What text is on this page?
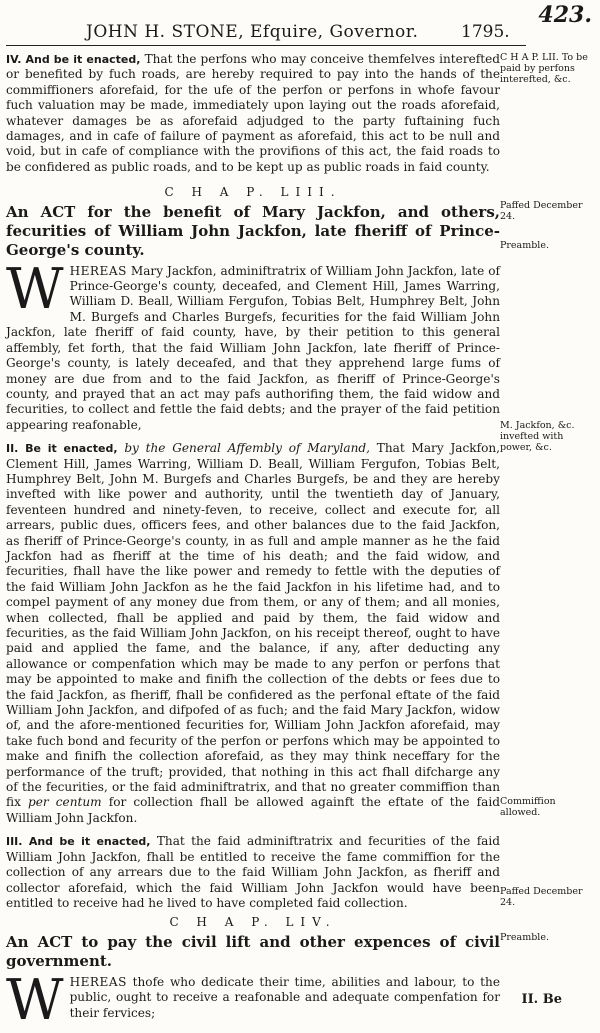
JOHN H. STONE, Efquire, Governor.	1795.
423.

IV. And be it enacted, That the perfons who may conceive themfelves interefted or benefited by fuch roads, are hereby required to pay into the hands of the commiffioners aforefaid, for the ufe of the perfon or perfons in whofe favour fuch valuation may be made, immediately upon laying out the roads aforefaid, whatever damages be as aforefaid adjudged to the party fuftaining fuch damages, and in cafe of failure of payment as aforefaid, this act to be null and void, but in cafe of compliance with the provifions of this act, the faid roads to be confidered as public roads, and to be kept up as public roads in faid county.

C H A P. LIII.
An ACT for the benefit of Mary Jackfon, and others, fecurities of William John Jackfon, late fheriff of Prince-George's county.

W HEREAS Mary Jackfon, adminiftratrix of William John Jackfon, late of Prince-George's county, deceafed, and Clement Hill, James Warring, William D. Beall, William Fergufon, Tobias Belt, Humphrey Belt, John M. Burgefs and Charles Burgefs, fecurities for the faid William John Jackfon, late fheriff of faid county, have, by their petition to this general affembly, fet forth, that the faid William John Jackfon, late fheriff of Prince-George's county, is lately deceafed, and that they apprehend large fums of money are due from and to the faid Jackfon, as fheriff of Prince-George's county, and prayed that an act may pafs authorifing them, the faid widow and fecurities, to collect and fettle the faid debts; and the prayer of the faid petition appearing reafonable,

II. Be it enacted, by the General Affembly of Maryland, That Mary Jackfon, Clement Hill, James Warring, William D. Beall, William Fergufon, Tobias Belt, Humphrey Belt, John M. Burgefs and Charles Burgefs, be and they are hereby invefted with like power and authority, until the twentieth day of January, feventeen hundred and ninety-feven, to receive, collect and execute for, all arrears, public dues, officers fees, and other balances due to the faid Jackfon, as fheriff of Prince-George's county, in as full and ample manner as he the faid Jackfon had as fheriff at the time of his death; and the faid widow, and fecurities, fhall have the like power and remedy to fettle with the deputies of the faid William John Jackfon as he the faid Jackfon in his lifetime had, and to compel payment of any money due from them, or any of them; and all monies, when collected, fhall be applied and paid by them, the faid widow and fecurities, as the faid William John Jackfon, on his receipt thereof, ought to have paid and applied the fame, and the balance, if any, after deducting any allowance or compenfation which may be made to any perfon or perfons that may be appointed to make and finifh the collection of the debts or fees due to the faid Jackfon, as fheriff, fhall be confidered as the perfonal eftate of the faid William John Jackfon, and difpofed of as fuch; and the faid Mary Jackfon, widow of, and the afore-mentioned fecurities for, William John Jackfon aforefaid, may take fuch bond and fecurity of the perfon or perfons which may be appointed to make and finifh the collection aforefaid, as they may think neceffary for the performance of the truft; provided, that nothing in this act fhall difcharge any of the fecurities, or the faid adminiftratrix, and that no greater commiffion than fix per centum for collection fhall be allowed againft the eftate of the faid William John Jackfon.

III. And be it enacted, That the faid adminiftratrix and fecurities of the faid William John Jackfon, fhall be entitled to receive the fame commiffion for the collection of any arrears due to the faid William John Jackfon, as fheriff and collector aforefaid, which the faid William John Jackfon would have been entitled to receive had he lived to have completed faid collection.

C H A P. LIV.
An ACT to pay the civil lift and other expences of civil government.

W HEREAS thofe who dedicate their time, abilities and labour, to the public, ought to receive a reafonable and adequate compenfation for their fervices;

C H A P. LII. To be paid by perfons interefted, &c.
Paffed December 24.
Preamble.
M. Jackfon, &c. invefted with power, &c.
Commiffion allowed.
Paffed December 24.
Preamble.
II. Be
